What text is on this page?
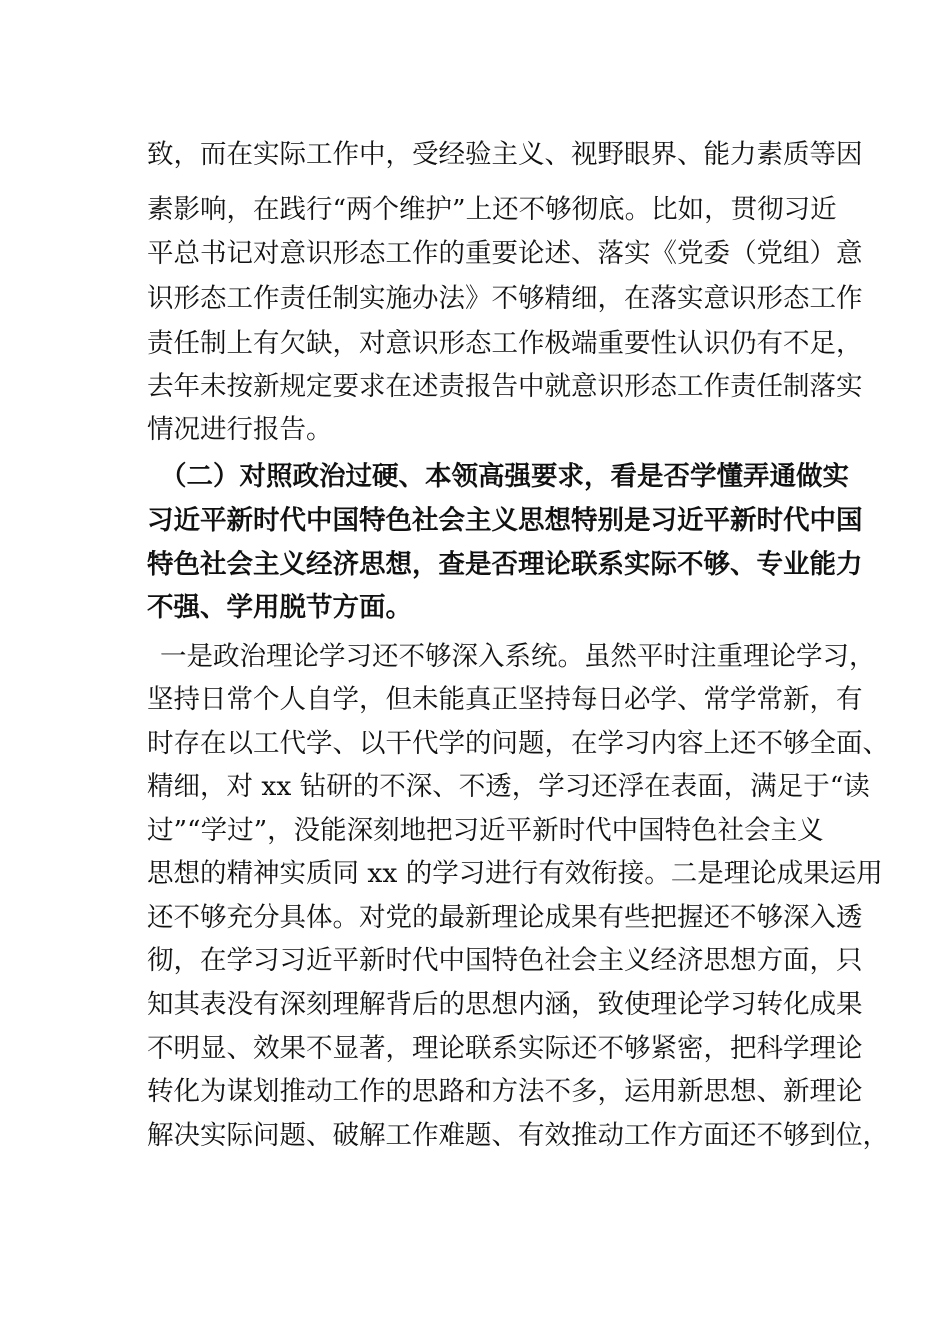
致，而在实际工作中，受经验主义、视野眼界、能力素质等因
素影响，在践行“两个维护”上还不够彻底。比如，贯彻习近
平总书记对意识形态工作的重要论述、落实《党委（党组）意
识形态工作责任制实施办法》不够精细，在落实意识形态工作
责任制上有欠缺，对意识形态工作极端重要性认识仍有不足，
去年未按新规定要求在述责报告中就意识形态工作责任制落实
情况进行报告。
（二）对照政治过硬、本领高强要求，看是否学懂弄通做实
习近平新时代中国特色社会主义思想特别是习近平新时代中国
特色社会主义经济思想，查是否理论联系实际不够、专业能力
不强、学用脱节方面。
一是政治理论学习还不够深入系统。虽然平时注重理论学习，
坚持日常个人自学，但未能真正坚持每日必学、常学常新，有
时存在以工代学、以干代学的问题，在学习内容上还不够全面、
精细，对 xx 钻研的不深、不透，学习还浮在表面，满足于“读
过”“学过”，没能深刻地把习近平新时代中国特色社会主义
思想的精神实质同 xx 的学习进行有效衔接。二是理论成果运用
还不够充分具体。对党的最新理论成果有些把握还不够深入透
彻，在学习习近平新时代中国特色社会主义经济思想方面，只
知其表没有深刻理解背后的思想内涵，致使理论学习转化成果
不明显、效果不显著，理论联系实际还不够紧密，把科学理论
转化为谋划推动工作的思路和方法不多，运用新思想、新理论
解决实际问题、破解工作难题、有效推动工作方面还不够到位，
